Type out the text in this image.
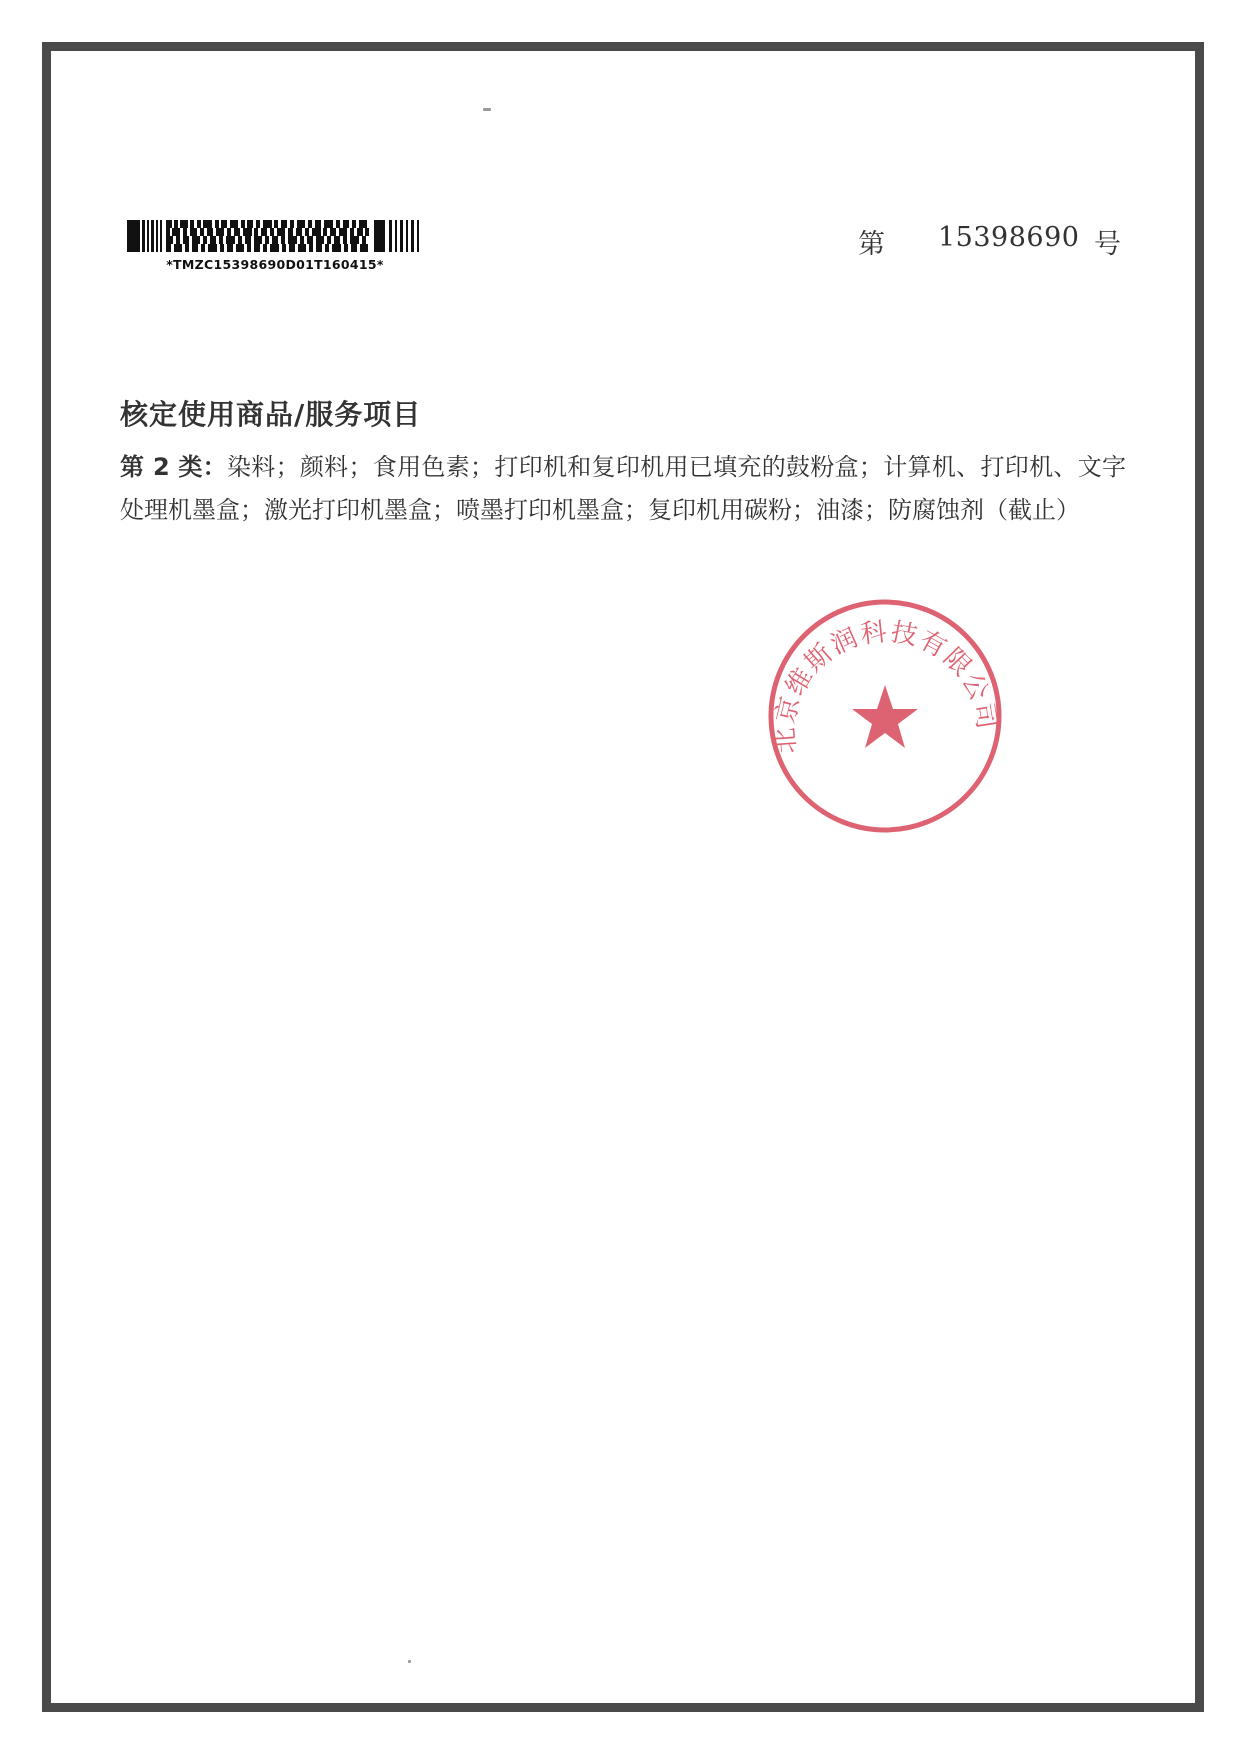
*TMZC15398690D01T160415*
第 15398690 号
核定使用商品/服务项目
第 2 类：染料；颜料；食用色素；打印机和复印机用已填充的鼓粉盒；计算机、打印机、文字处理机墨盒；激光打印机墨盒；喷墨打印机墨盒；复印机用碳粉；油漆；防腐蚀剂（截止）
北京维斯润科技有限公司
